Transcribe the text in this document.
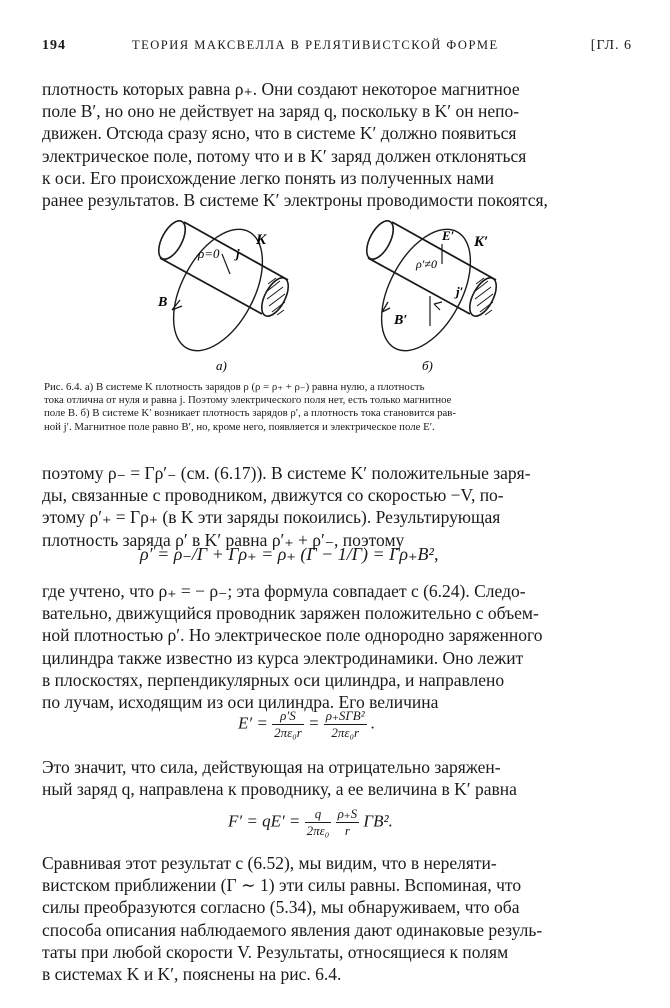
194	ТЕОРИЯ МАКСВЕЛЛА В РЕЛЯТИВИСТСКОЙ ФОРМЕ	[ГЛ. 6
плотность которых равна ρ₊. Они создают некоторое магнитное
поле B′, но оно не действует на заряд q, поскольку в K′ он непо-
движен. Отсюда сразу ясно, что в системе K′ должно появиться
электрическое поле, потому что и в K′ заряд должен отклоняться
к оси. Его происхождение легко понять из полученных нами
ранее результатов. В системе K′ электроны проводимости покоятся,
ρ=0 j
K
B
а)
ρ′≠0
E′
j′
K′
B′
б)
Рис. 6.4. а) В системе K плотность зарядов ρ (ρ = ρ₊ + ρ₋) равна нулю, а плотность
тока отлична от нуля и равна j. Поэтому электрического поля нет, есть только магнитное
поле B. б) В системе K′ возникает плотность зарядов ρ′, а плотность тока становится рав-
ной j′. Магнитное поле равно B′, но, кроме него, появляется и электрическое поле E′.
поэтому ρ₋ = Γρ′₋ (см. (6.17)). В системе K′ положительные заря-
ды, связанные с проводником, движутся со скоростью −V, по-
этому ρ′₊ = Γρ₊ (в K эти заряды покоились). Результирующая
плотность заряда ρ′ в K′ равна ρ′₊ + ρ′₋, поэтому
ρ′ = ρ₋/Γ + Γρ₊ = ρ₊ (Γ − 1/Γ) = Γρ₊B²,
где учтено, что ρ₊ = − ρ₋; эта формула совпадает с (6.24). Следо-
вательно, движущийся проводник заряжен положительно с объем-
ной плотностью ρ′. Но электрическое поле однородно заряженного
цилиндра также известно из курса электродинамики. Оно лежит
в плоскостях, перпендикулярных оси цилиндра, и направлено
по лучам, исходящим из оси цилиндра. Его величина
$E' = \frac{\rho'S}{\text{2πε₀r}} = \frac{\text{ρ₊SΓB²}}{\text{2πε₀r}}$ .
Это значит, что сила, действующая на отрицательно заряжен-
ный заряд q, направлена к проводнику, а ее величина в K′ равна
$F' = qE' = \frac{q}{\text{2πε₀}}$
$\frac{\rho_+S}{r} \Gamma B^2$.
Сравнивая этот результат с (6.52), мы видим, что в нереляти-
вистском приближении (Γ ∼ 1) эти силы равны. Вспоминая, что
силы преобразуются согласно (5.34), мы обнаруживаем, что оба
способа описания наблюдаемого явления дают одинаковые резуль-
таты при любой скорости V. Результаты, относящиеся к полям
в системах K и K′, пояснены на рис. 6.4.
